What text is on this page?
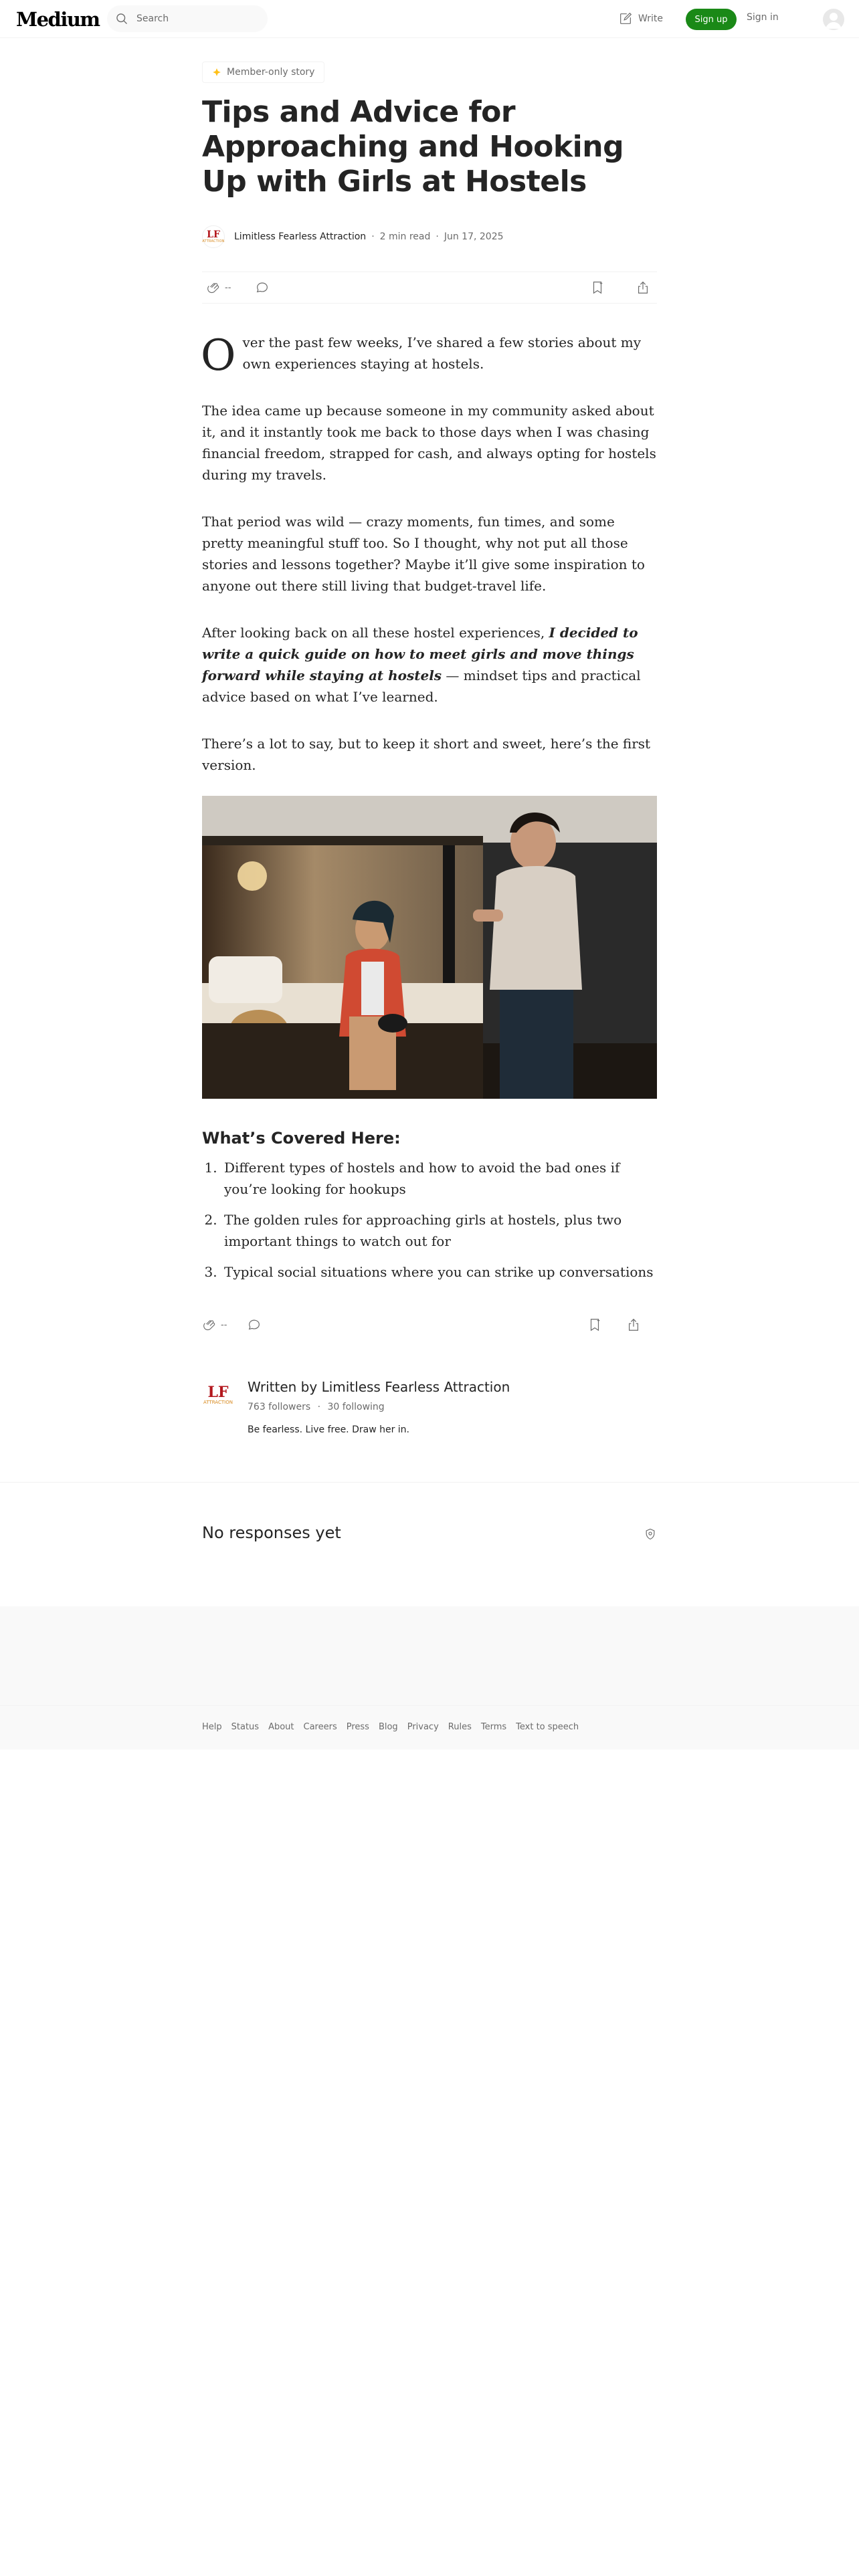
Medium
Search	Write	Sign up	Sign in
Member-only story
Tips and Advice for Approaching and Hooking Up with Girls at Hostels
LF
ATTRACTION Limitless Fearless Attraction · 2 min read · Jun 17, 2025
--

Over the past few weeks, I’ve shared a few stories about my own experiences staying at hostels.

The idea came up because someone in my community asked about it, and it instantly took me back to those days when I was chasing financial freedom, strapped for cash, and always opting for hostels during my travels.

That period was wild — crazy moments, fun times, and some pretty meaningful stuff too. So I thought, why not put all those stories and lessons together? Maybe it’ll give some inspiration to anyone out there still living that budget-travel life.

After looking back on all these hostel experiences, I decided to write a quick guide on how to meet girls and move things forward while staying at hostels — mindset tips and practical advice based on what I’ve learned.

There’s a lot to say, but to keep it short and sweet, here’s the first version.

What’s Covered Here:
1. Different types of hostels and how to avoid the bad ones if you’re looking for hookups
2. The golden rules for approaching girls at hostels, plus two important things to watch out for
3. Typical social situations where you can strike up conversations
--
LF
ATTRACTION
Written by Limitless Fearless Attraction
763 followers · 30 following
Be fearless. Live free. Draw her in.
No responses yet
Help Status About Careers Press Blog Privacy Rules Terms Text to speech
